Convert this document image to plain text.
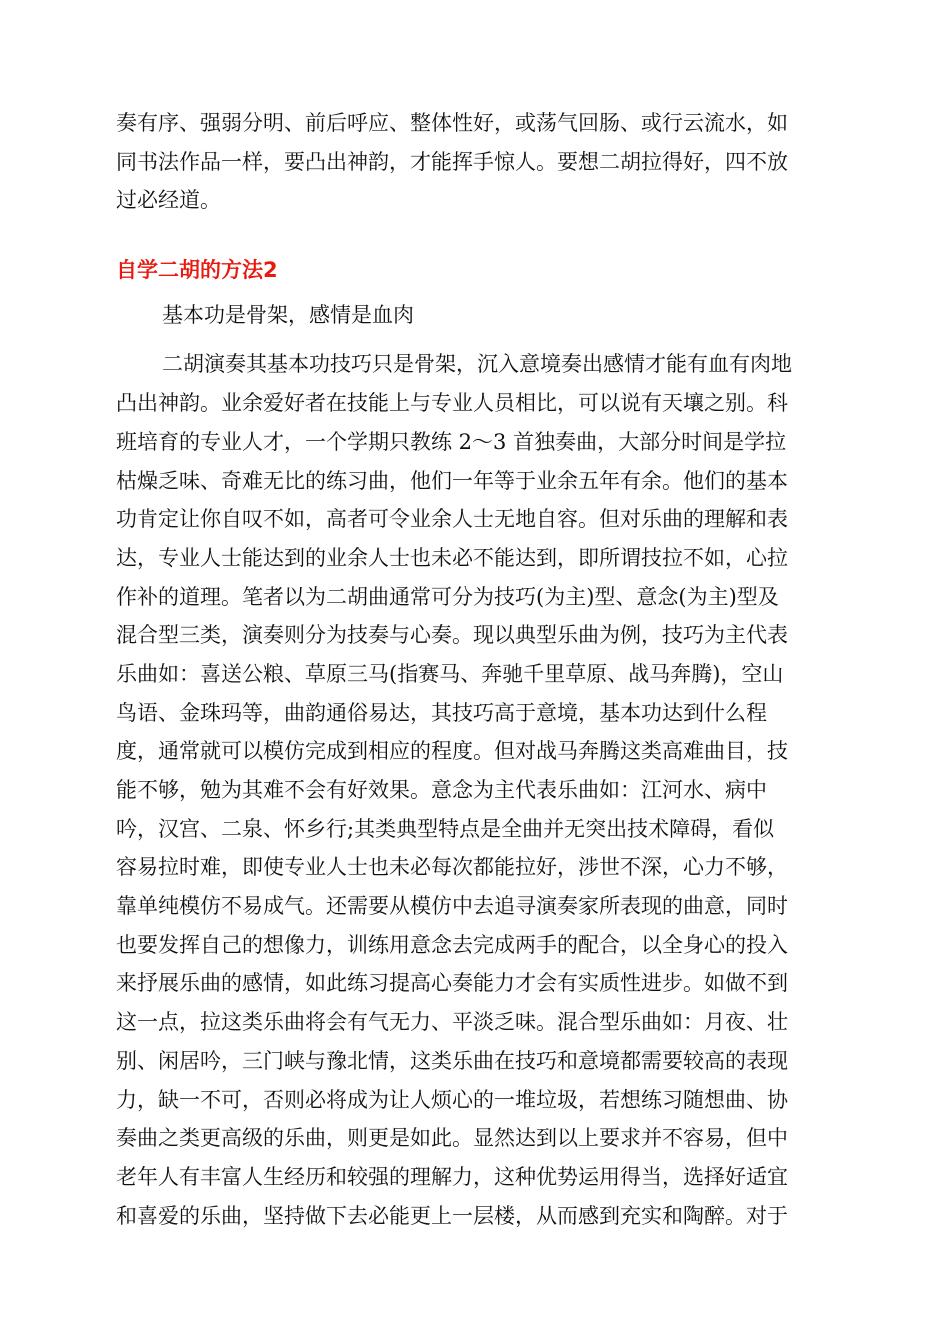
奏有序、强弱分明、前后呼应、整体性好，或荡气回肠、或行云流水，如
同书法作品一样，要凸出神韵，才能挥手惊人。要想二胡拉得好，四不放
过必经道。
自学二胡的方法2
基本功是骨架，感情是血肉
二胡演奏其基本功技巧只是骨架，沉入意境奏出感情才能有血有肉地
凸出神韵。业余爱好者在技能上与专业人员相比，可以说有天壤之别。科
班培育的专业人才，一个学期只教练 2～3 首独奏曲，大部分时间是学拉
枯燥乏味、奇难无比的练习曲，他们一年等于业余五年有余。他们的基本
功肯定让你自叹不如，高者可令业余人士无地自容。但对乐曲的理解和表
达，专业人士能达到的业余人士也未必不能达到，即所谓技拉不如，心拉
作补的道理。笔者以为二胡曲通常可分为技巧(为主)型、意念(为主)型及
混合型三类，演奏则分为技奏与心奏。现以典型乐曲为例，技巧为主代表
乐曲如：喜送公粮、草原三马(指赛马、奔驰千里草原、战马奔腾)，空山
鸟语、金珠玛等，曲韵通俗易达，其技巧高于意境，基本功达到什么程
度，通常就可以模仿完成到相应的程度。但对战马奔腾这类高难曲目，技
能不够，勉为其难不会有好效果。意念为主代表乐曲如：江河水、病中
吟，汉宫、二泉、怀乡行;其类典型特点是全曲并无突出技术障碍，看似
容易拉时难，即使专业人士也未必每次都能拉好，涉世不深，心力不够，
靠单纯模仿不易成气。还需要从模仿中去追寻演奏家所表现的曲意，同时
也要发挥自己的想像力，训练用意念去完成两手的配合，以全身心的投入
来抒展乐曲的感情，如此练习提高心奏能力才会有实质性进步。如做不到
这一点，拉这类乐曲将会有气无力、平淡乏味。混合型乐曲如：月夜、壮
别、闲居吟，三门峡与豫北情，这类乐曲在技巧和意境都需要较高的表现
力，缺一不可，否则必将成为让人烦心的一堆垃圾，若想练习随想曲、协
奏曲之类更高级的乐曲，则更是如此。显然达到以上要求并不容易，但中
老年人有丰富人生经历和较强的理解力，这种优势运用得当，选择好适宜
和喜爱的乐曲，坚持做下去必能更上一层楼，从而感到充实和陶醉。对于
